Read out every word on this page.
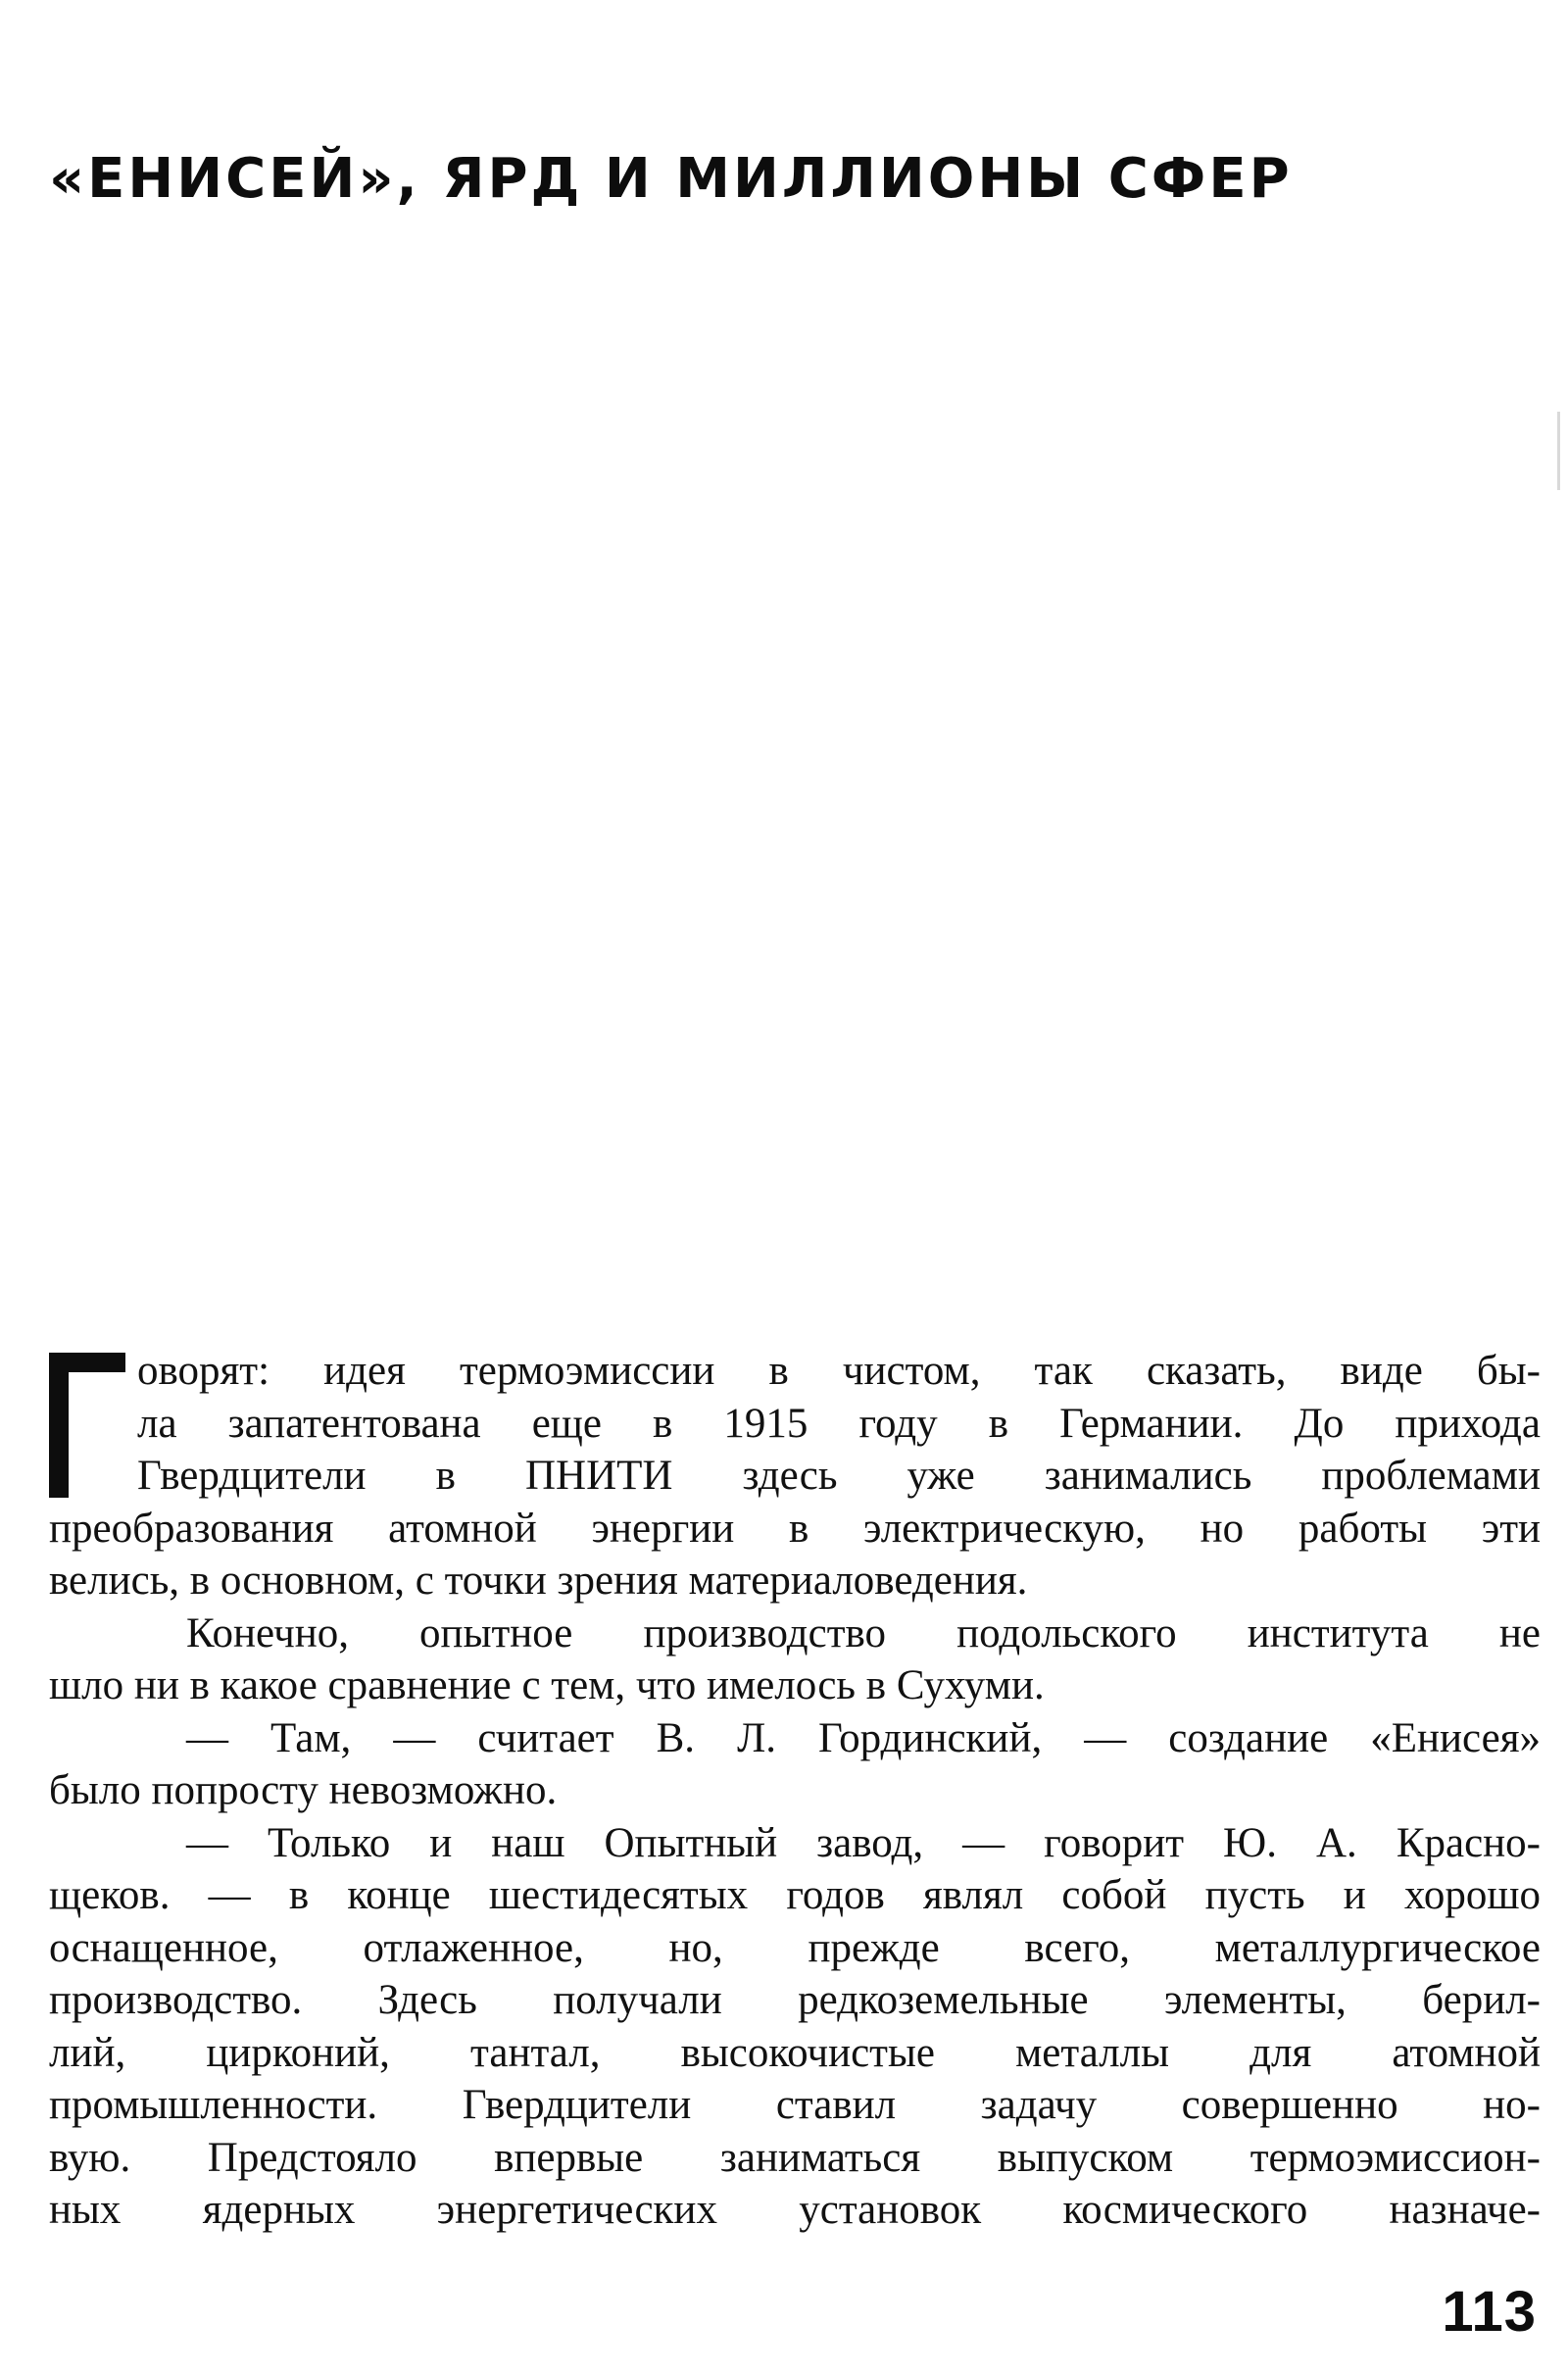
«ЕНИСЕЙ», ЯРД И МИЛЛИОНЫ СФЕР
оворят: идея термоэмиссии в чистом, так сказать, виде бы-
ла запатентована еще в 1915 году в Германии. До прихода
Гвердцители в ПНИТИ здесь уже занимались проблемами
преобразования атомной энергии в электрическую, но работы эти
велись, в основном, с точки зрения материаловедения.
Конечно, опытное производство подольского института не
шло ни в какое сравнение с тем, что имелось в Сухуми.
— Там, — считает В. Л. Гординский, — создание «Енисея»
было попросту невозможно.
— Только и наш Опытный завод, — говорит Ю. А. Красно-
щеков. — в конце шестидесятых годов являл собой пусть и хорошо
оснащенное, отлаженное, но, прежде всего, металлургическое
производство. Здесь получали редкоземельные элементы, берил-
лий, цирконий, тантал, высокочистые металлы для атомной
промышленности. Гвердцители ставил задачу совершенно но-
вую. Предстояло впервые заниматься выпуском термоэмиссион-
ных ядерных энергетических установок космического назначе-
113
